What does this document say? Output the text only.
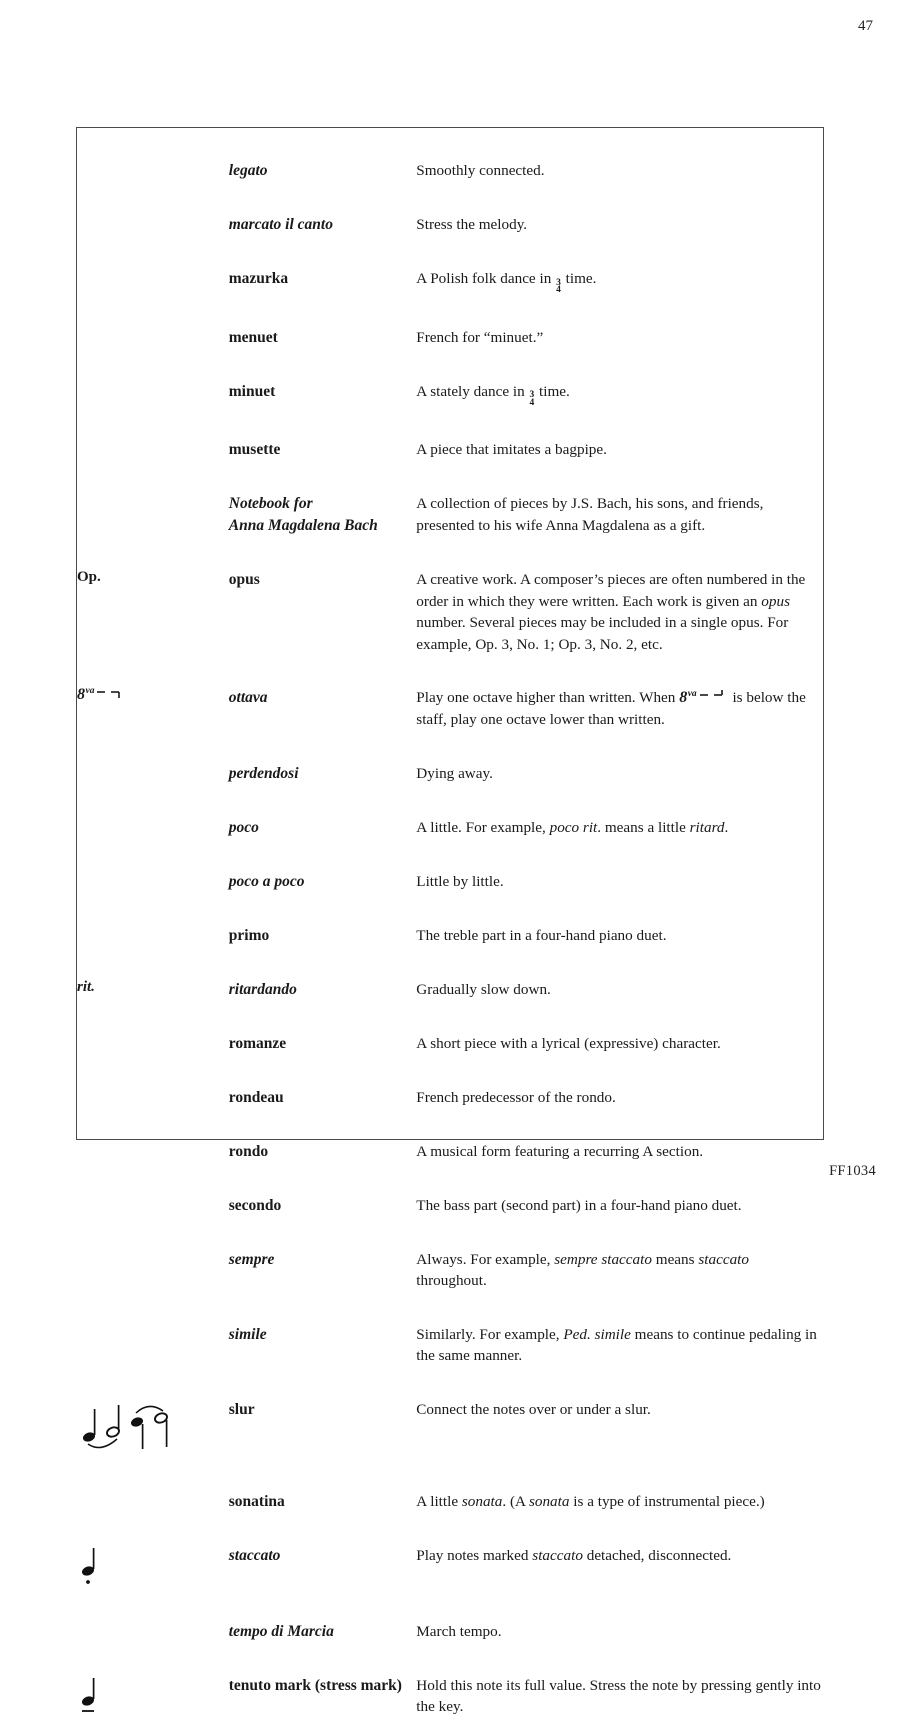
47
	legato	Smoothly connected.

	marcato il canto	Stress the melody.

	mazurka	A Polish folk dance in 3
4
time.

	menuet	French for “minuet.”

	minuet	A stately dance in 3
4
time.

	musette	A piece that imitates a bagpipe.

	Notebook for
Anna Magdalena Bach	A collection of pieces by J.S. Bach, his sons, and friends, presented to his wife Anna Magdalena as a gift.

Op.	opus	A creative work. A composer’s pieces are often numbered in the order in which they were written. Each work is given an opus number. Several pieces may be included in a single opus. For example, Op. 3, No. 1; Op. 3, No. 2, etc.

8 va	ottava	Play one octave higher than written. When 8 va is below the staff, play one octave lower than written.

	perdendosi	Dying away.

	poco	A little. For example, poco rit. means a little ritard.

	poco a poco	Little by little.

	primo	The treble part in a four-hand piano duet.

rit.	ritardando	Gradually slow down.

	romanze	A short piece with a lyrical (expressive) character.

	rondeau	French predecessor of the rondo.

	rondo	A musical form featuring a recurring A section.

	secondo	The bass part (second part) in a four-hand piano duet.

	sempre	Always. For example, sempre staccato means staccato throughout.

	simile	Similarly. For example, Ped. simile means to continue pedaling in the same manner.

	slur	Connect the notes over or under a slur.

	sonatina	A little sonata. (A sonata is a type of instrumental piece.)

	staccato	Play notes marked staccato detached, disconnected.

	tempo di Marcia	March tempo.

	tenuto mark (stress mark)	Hold this note its full value. Stress the note by pressing gently into the key.
FF1034
